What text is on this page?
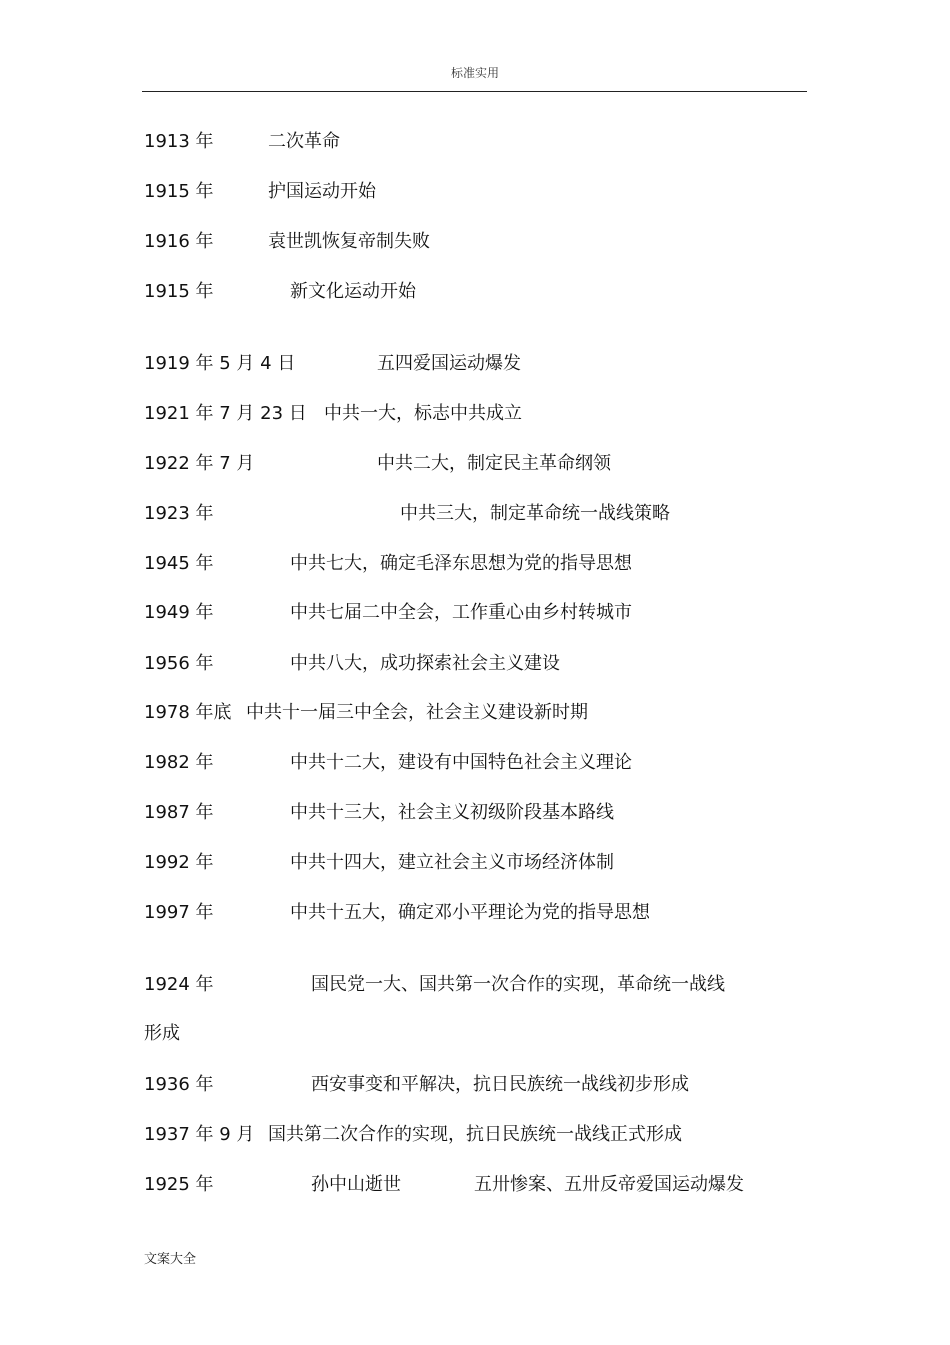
标准实用
1913 年	二次革命
1915 年	护国运动开始
1916 年	袁世凯恢复帝制失败
1915 年	新文化运动开始
1919 年 5 月 4 日	五四爱国运动爆发
1921 年 7 月 23 日 中共一大，标志中共成立
1922 年 7 月	中共二大，制定民主革命纲领
1923 年	中共三大，制定革命统一战线策略
1945 年	中共七大，确定毛泽东思想为党的指导思想
1949 年	中共七届二中全会，工作重心由乡村转城市
1956 年	中共八大，成功探索社会主义建设
1978 年底 中共十一届三中全会，社会主义建设新时期
1982 年	中共十二大，建设有中国特色社会主义理论
1987 年	中共十三大，社会主义初级阶段基本路线
1992 年	中共十四大，建立社会主义市场经济体制
1997 年	中共十五大，确定邓小平理论为党的指导思想
1924 年	国民党一大、国共第一次合作的实现，革命统一战线
形成
1936 年	西安事变和平解决，抗日民族统一战线初步形成
1937 年 9 月 国共第二次合作的实现，抗日民族统一战线正式形成
1925 年	孙中山逝世	五卅惨案、五卅反帝爱国运动爆发
文案大全
